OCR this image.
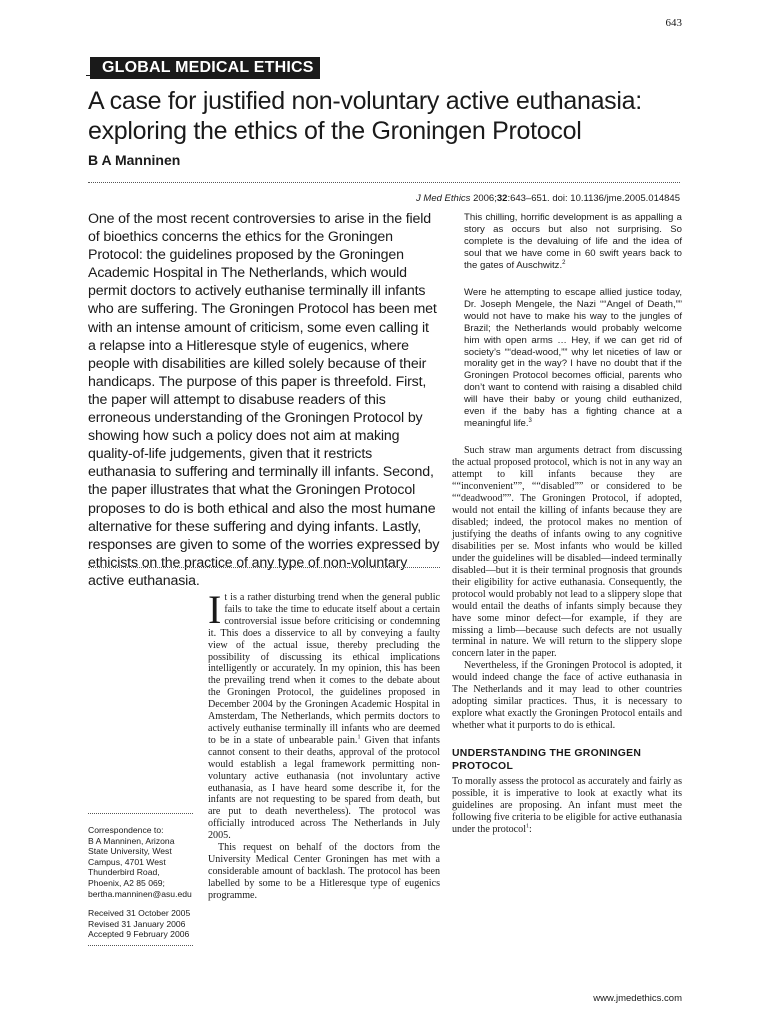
643
GLOBAL MEDICAL ETHICS
A case for justified non-voluntary active euthanasia:
exploring the ethics of the Groningen Protocol
B A Manninen
J Med Ethics 2006;32:643–651. doi: 10.1136/jme.2005.014845
One of the most recent controversies to arise in the field of bioethics concerns the ethics for the Groningen Protocol: the guidelines proposed by the Groningen Academic Hospital in The Netherlands, which would permit doctors to actively euthanise terminally ill infants who are suffering. The Groningen Protocol has been met with an intense amount of criticism, some even calling it a relapse into a Hitleresque style of eugenics, where people with disabilities are killed solely because of their handicaps. The purpose of this paper is threefold. First, the paper will attempt to disabuse readers of this erroneous understanding of the Groningen Protocol by showing how such a policy does not aim at making quality-of-life judgements, given that it restricts euthanasia to suffering and terminally ill infants. Second, the paper illustrates that what the Groningen Protocol proposes to do is both ethical and also the most humane alternative for these suffering and dying infants. Lastly, responses are given to some of the worries expressed by ethicists on the practice of any type of non-voluntary active euthanasia.
Correspondence to:
B A Manninen, Arizona
State University, West
Campus, 4701 West
Thunderbird Road,
Phoenix, A2 85 069;
bertha.manninen@asu.edu
Received 31 October 2005
Revised 31 January 2006
Accepted 9 February 2006

It is a rather disturbing trend when the general public fails to take the time to educate itself about a certain controversial issue before criticising or condemning it. This does a disservice to all by conveying a faulty view of the actual issue, thereby precluding the possibility of discussing its ethical implications intelligently or accurately. In my opinion, this has been the prevailing trend when it comes to the debate about the Groningen Protocol, the guidelines proposed in December 2004 by the Groningen Academic Hospital in Amsterdam, The Netherlands, which permits doctors to actively euthanise terminally ill infants who are deemed to be in a state of unbearable pain.$^1$ Given that infants cannot consent to their deaths, approval of the protocol would establish a legal framework permitting non-voluntary active euthanasia (not involuntary active euthanasia, as I have heard some describe it, for the infants are not requesting to be spared from death, but are put to death nevertheless). The protocol was officially introduced across The Netherlands in July 2005.

This request on behalf of the doctors from the University Medical Center Groningen has met with a considerable amount of backlash. The protocol has been labelled by some to be a Hitleresque type of eugenics programme.

This chilling, horrific development is as appalling a story as occurs but also not surprising. So complete is the devaluing of life and the idea of soul that we have come in 60 swift years back to the gates of Auschwitz.$^2$

Were he attempting to escape allied justice today, Dr. Joseph Mengele, the Nazi ““Angel of Death,”” would not have to make his way to the jungles of Brazil; the Netherlands would probably welcome him with open arms … Hey, if we can get rid of society’s ““dead-wood,”” why let niceties of law or morality get in the way? I have no doubt that if the Groningen Protocol becomes official, parents who don’t want to contend with raising a disabled child will have their baby or young child euthanized, even if the baby has a fighting chance at a meaningful life.$^3$

Such straw man arguments detract from discussing the actual proposed protocol, which is not in any way an attempt to kill infants because they are ““inconvenient””, ““disabled”” or considered to be ““deadwood””. The Groningen Protocol, if adopted, would not entail the killing of infants because they are disabled; indeed, the protocol makes no mention of justifying the deaths of infants owing to any cognitive disabilities per se. Most infants who would be killed under the guidelines will be disabled—indeed terminally disabled—but it is their terminal prognosis that grounds their eligibility for active euthanasia. Consequently, the protocol would probably not lead to a slippery slope that would entail the deaths of infants simply because they have some minor defect—for example, if they are missing a limb—because such defects are not usually terminal in nature. We will return to the slippery slope concern later in the paper.

Nevertheless, if the Groningen Protocol is adopted, it would indeed change the face of active euthanasia in The Netherlands and it may lead to other countries adopting similar practices. Thus, it is necessary to explore what exactly the Groningen Protocol entails and whether what it purports to do is ethical.

UNDERSTANDING THE GRONINGEN
PROTOCOL

To morally assess the protocol as accurately and fairly as possible, it is imperative to look at exactly what its guidelines are proposing. An infant must meet the following five criteria to be eligible for active euthanasia under the protocol$^1$:

www.jmedethics.com
